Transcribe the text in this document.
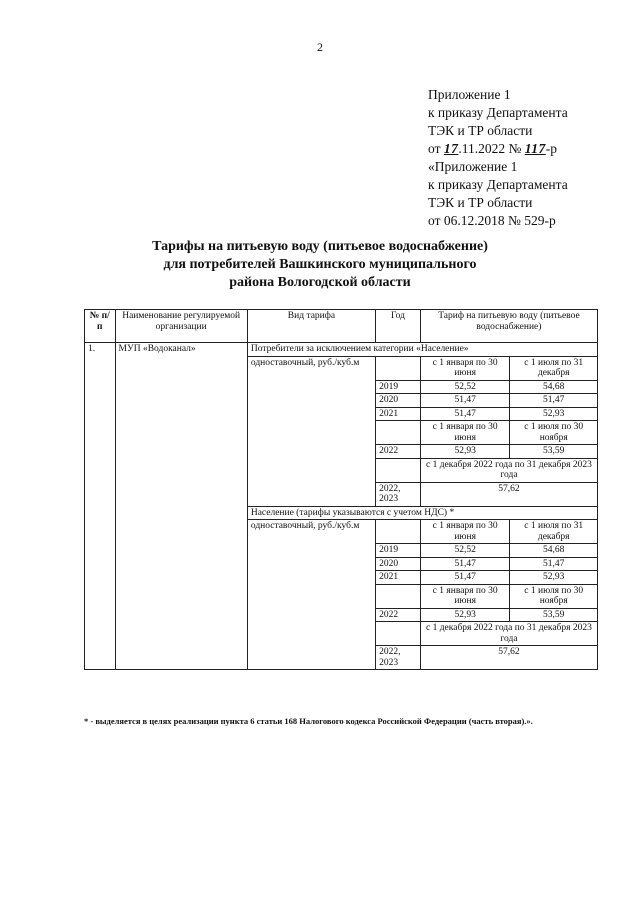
2
Приложение 1
к приказу Департамента
ТЭК и ТР области
от 17.11.2022 № 117-р
«Приложение 1
к приказу Департамента
ТЭК и ТР области
от 06.12.2018 № 529-р
Тарифы на питьевую воду (питьевое водоснабжение)
для потребителей Вашкинского муниципального
района Вологодской области
№ п/п	Наименование регулируемой организации	Вид тарифа	Год	Тариф на питьевую воду (питьевое водоснабжение)	
1.	МУП «Водоканал»	Потребители за исключением категории «Население»			
		одноставочный, руб./куб.м		с 1 января по 30 июня	с 1 июля по 31 декабря
			2019	52,52	54,68
			2020	51,47	51,47
			2021	51,47	52,93
				с 1 января по 30 июня	с 1 июля по 30 ноября
			2022	52,93	53,59
				с 1 декабря 2022 года по 31 декабря 2023 года	
			2022, 2023	57,62	
		Население (тарифы указываются с учетом НДС) *			
		одноставочный, руб./куб.м		с 1 января по 30 июня	с 1 июля по 31 декабря
			2019	52,52	54,68
			2020	51,47	51,47
			2021	51,47	52,93
				с 1 января по 30 июня	с 1 июля по 30 ноября
			2022	52,93	53,59
				с 1 декабря 2022 года по 31 декабря 2023 года	
			2022, 2023	57,62	
* - выделяется в целях реализации пункта 6 статьи 168 Налогового кодекса Российской Федерации (часть вторая).».
